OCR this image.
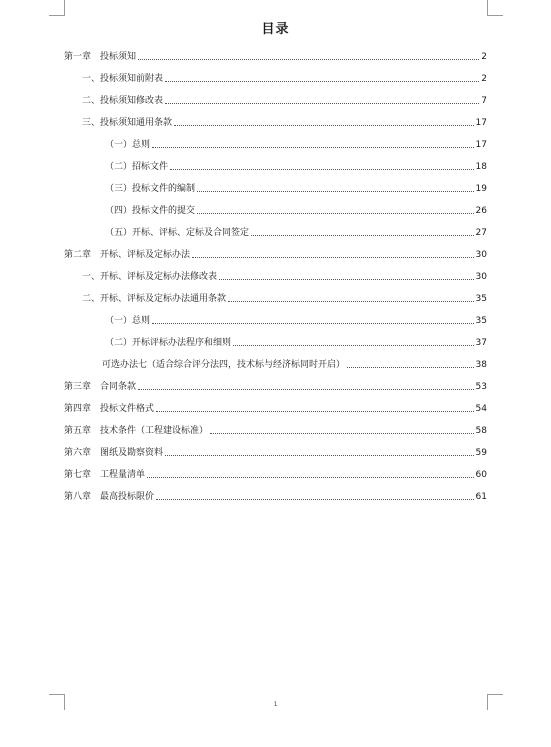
目录
第一章　投标须知	2
一、投标须知前附表	2
二、投标须知修改表	7
三、投标须知通用条款	17
（一）总则	17
（二）招标文件	18
（三）投标文件的编制	19
（四）投标文件的提交	26
（五）开标、评标、定标及合同签定	27
第二章　开标、评标及定标办法	30
一、开标、评标及定标办法修改表	30
二、开标、评标及定标办法通用条款	35
（一）总则	35
（二）开标评标办法程序和细则	37
可选办法七（适合综合评分法四，技术标与经济标同时开启）	38
第三章　合同条款	53
第四章　投标文件格式	54
第五章　技术条件（工程建设标准）	58
第六章　图纸及勘察资料	59
第七章　工程量清单	60
第八章　最高投标限价	61
1
